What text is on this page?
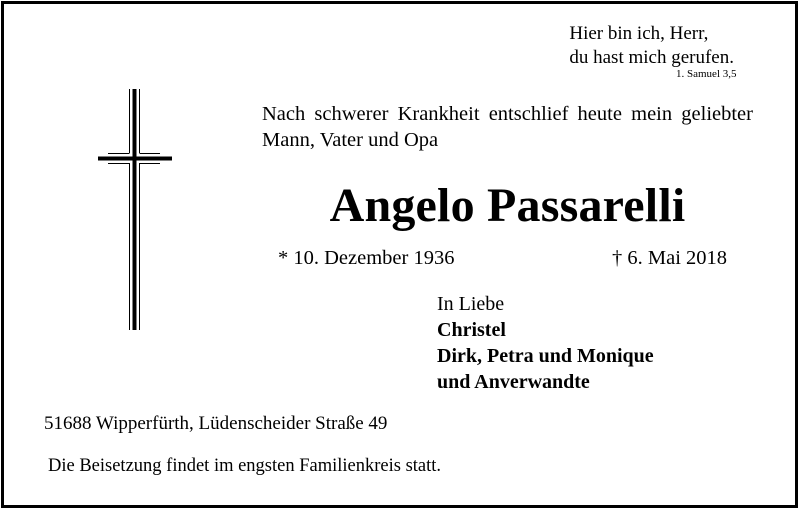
Hier bin ich, Herr,
du hast mich gerufen.
1. Samuel 3,5
Nach schwerer Krankheit entschlief heute mein geliebter Mann, Vater und Opa
Angelo Passarelli
* 10. Dezember 1936	† 6. Mai 2018
In Liebe
Christel
Dirk, Petra und Monique
und Anverwandte
51688 Wipperfürth, Lüdenscheider Straße 49
Die Beisetzung findet im engsten Familienkreis statt.
